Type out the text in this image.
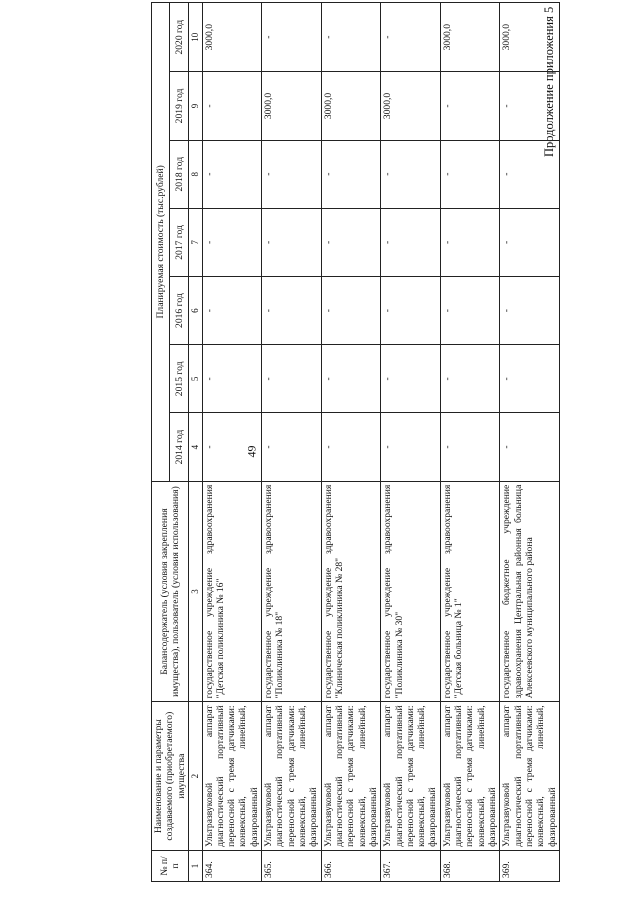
49
Продолжение приложения 5
№ п/п	Наименование и параметры создаваемого (приобретаемого) имущества	Балансодержатель (условия закрепления имущества), пользователь (условия использования)	Планируемая стоимость (тыс.рублей)						
			2014 год	2015 год	2016 год	2017 год	2018 год	2019 год	2020 год
1	2	3	4	5	6	7	8	9	10
364.	Ультразвуковой аппарат диагностический портативный переносной с тремя датчиками: конвексный, линейный, фазированный	государственное учреждение здравоохранения "Детская поликлиника № 16"	-	-	-	-	-	-	3000,0
365.	Ультразвуковой аппарат диагностический портативный переносной с тремя датчиками: конвексный, линейный, фазированный	государственное учреждение здравоохранения "Поликлиника № 18"	-	-	-	-	-	3000,0	-
366.	Ультразвуковой аппарат диагностический портативный переносной с тремя датчиками: конвексный, линейный, фазированный	государственное учреждение здравоохранения "Клиническая поликлиника № 28"	-	-	-	-	-	3000,0	-
367.	Ультразвуковой аппарат диагностический портативный переносной с тремя датчиками: конвексный, линейный, фазированный	государственное учреждение здравоохранения "Поликлиника № 30"	-	-	-	-	-	3000,0	-
368.	Ультразвуковой аппарат диагностический портативный переносной с тремя датчиками: конвексный, линейный, фазированный	государственное учреждение здравоохранения "Детская больница № 1"	-	-	-	-	-	-	3000,0
369.	Ультразвуковой аппарат диагностический портативный переносной с тремя датчиками: конвексный, линейный, фазированный	государственное бюджетное учреждение здравоохранения Центральная районная больница Алексеевского муниципального района	-	-	-	-	-	-	3000,0
